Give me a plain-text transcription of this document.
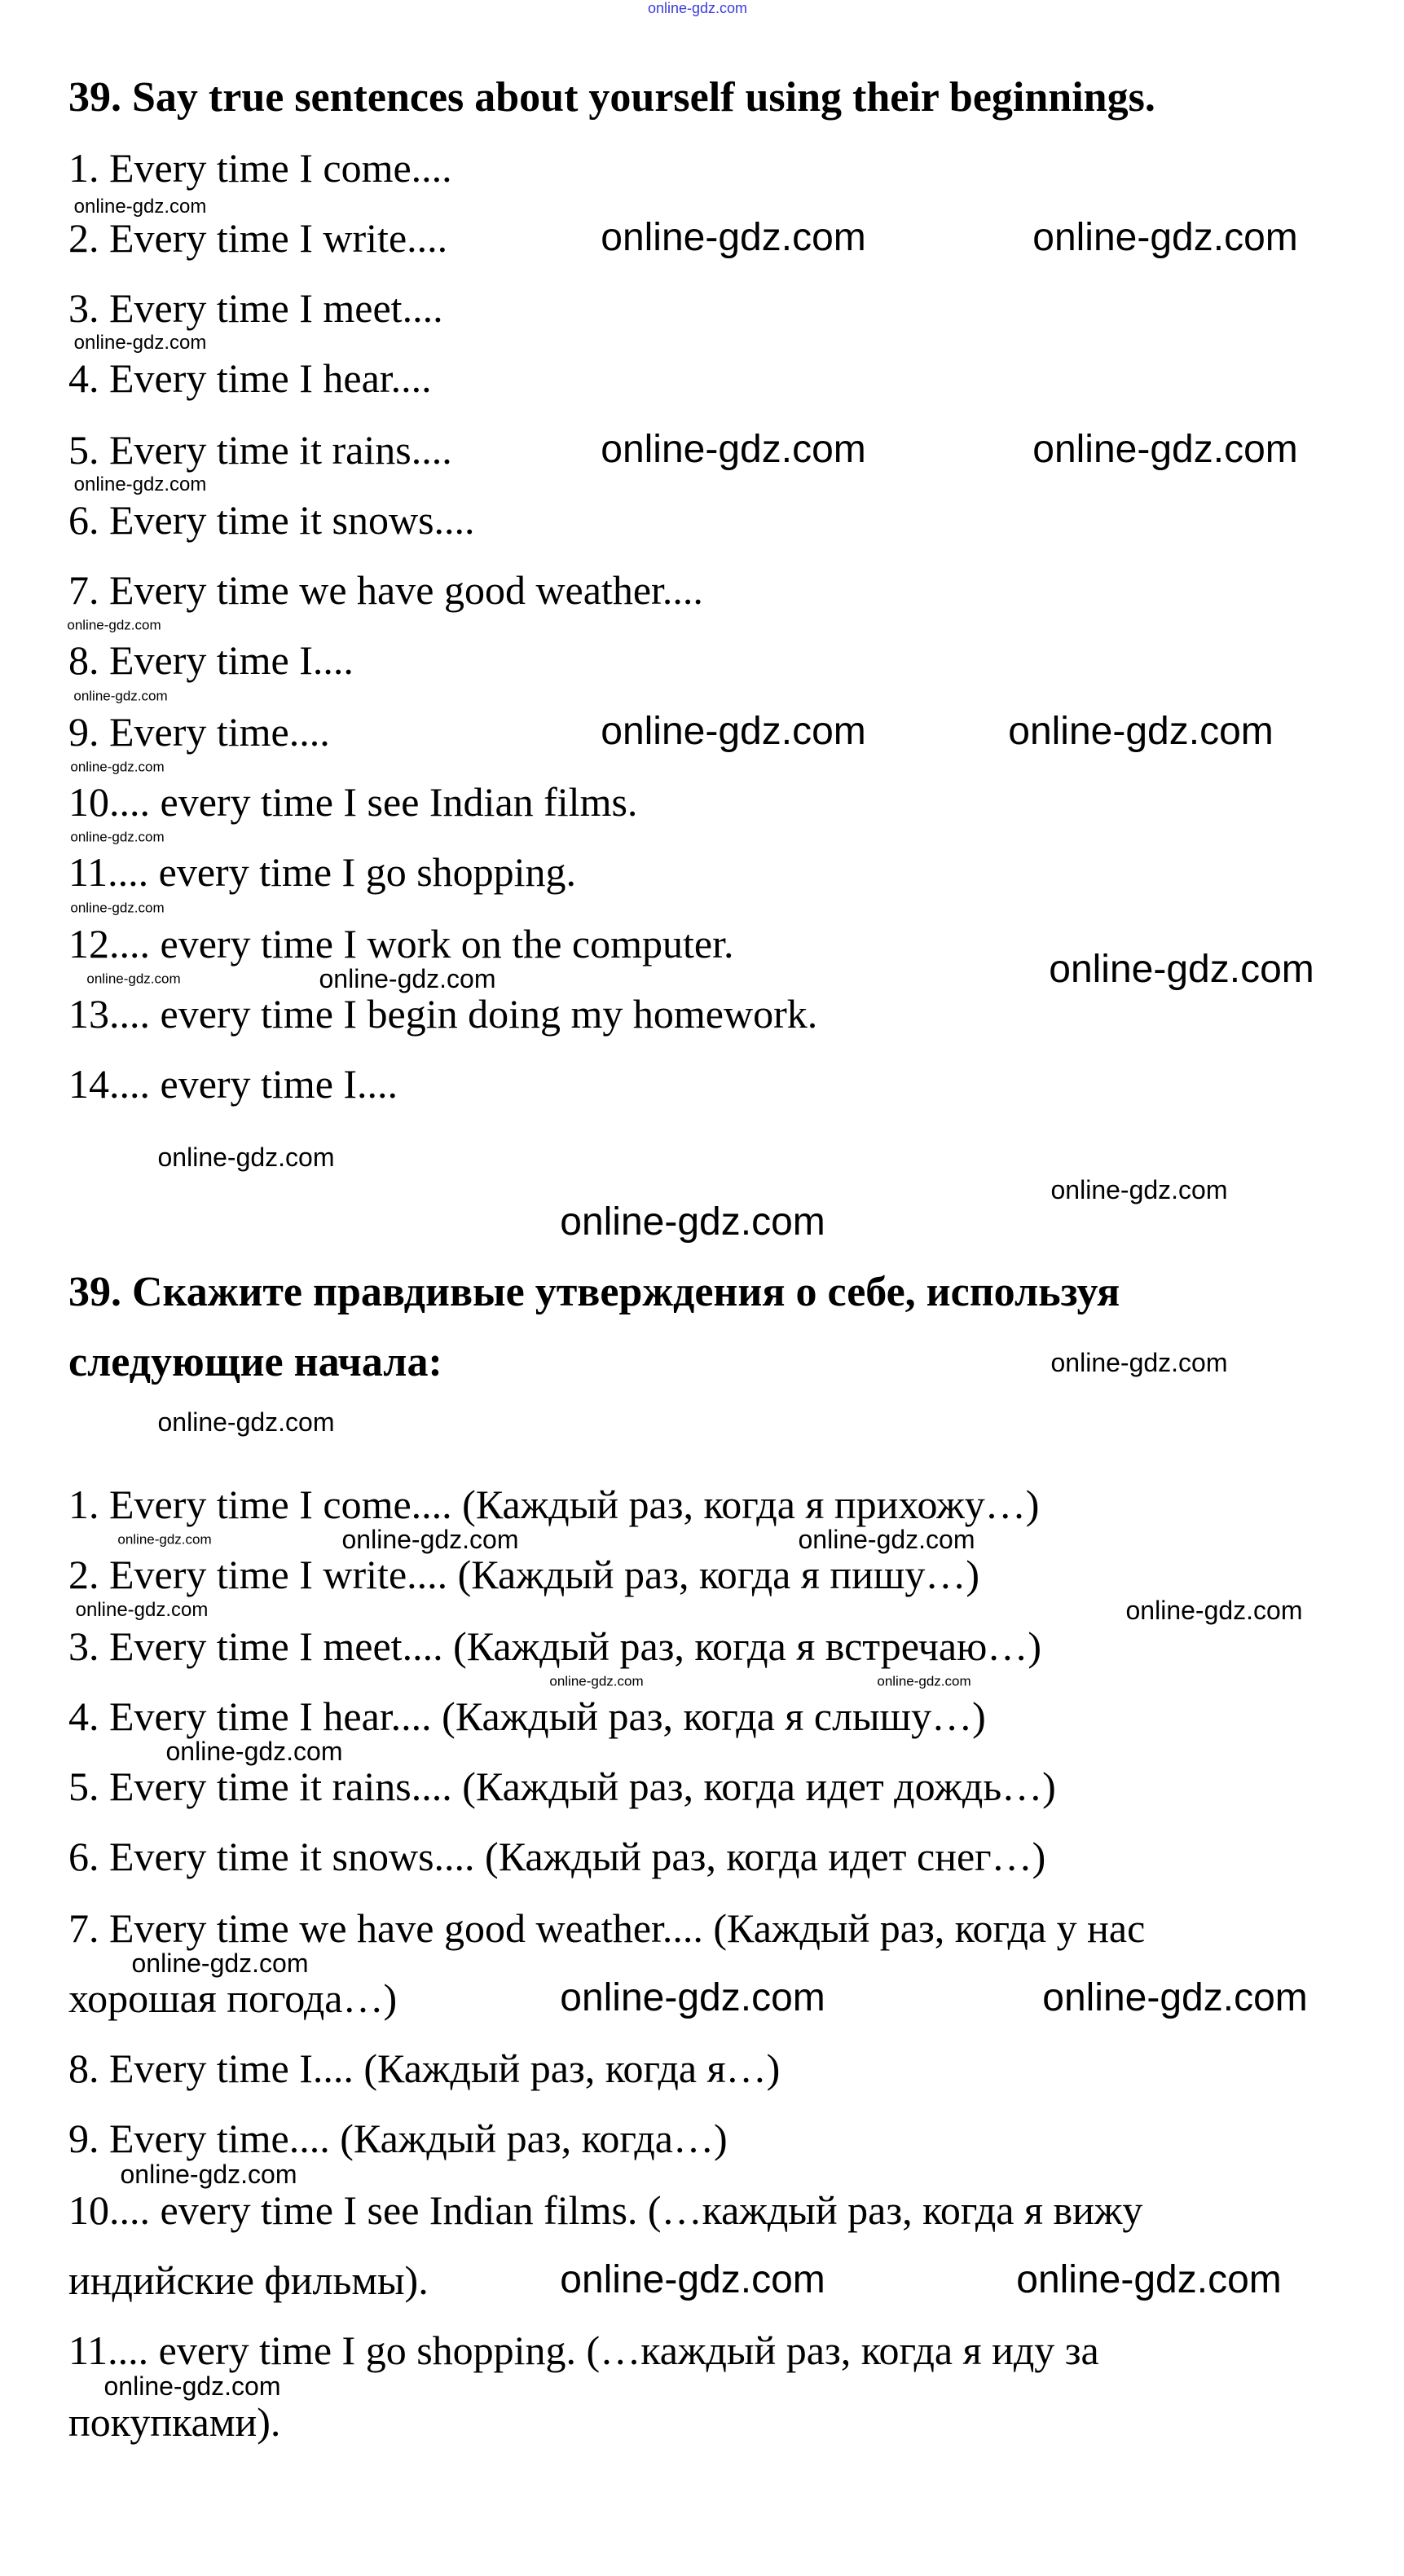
39. Say true sentences about yourself using their beginnings.
1. Every time I come....
2. Every time I write....
3. Every time I meet....
4. Every time I hear....
5. Every time it rains....
6. Every time it snows....
7. Every time we have good weather....
8. Every time I....
9. Every time....
10.... every time I see Indian films.
11.... every time I go shopping.
12.... every time I work on the computer.
13.... every time I begin doing my homework.
14.... every time I....
39. Скажите правдивые утверждения о себе, используя
следующие начала:
1. Every time I come.... (Каждый раз, когда я прихожу…)
2. Every time I write.... (Каждый раз, когда я пишу…)
3. Every time I meet.... (Каждый раз, когда я встречаю…)
4. Every time I hear.... (Каждый раз, когда я слышу…)
5. Every time it rains.... (Каждый раз, когда идет дождь…)
6. Every time it snows.... (Каждый раз, когда идет снег…)
7. Every time we have good weather.... (Каждый раз, когда у нас
хорошая погода…)
8. Every time I.... (Каждый раз, когда я…)
9. Every time.... (Каждый раз, когда…)
10.... every time I see Indian films. (…каждый раз, когда я вижу
индийские фильмы).
11.... every time I go shopping. (…каждый раз, когда я иду за
покупками).
online-gdz.com
online-gdz.com
online-gdz.com	online-gdz.com
online-gdz.com
online-gdz.com
online-gdz.com	online-gdz.com
online-gdz.com
online-gdz.com
online-gdz.com	online-gdz.com
online-gdz.com
online-gdz.com
online-gdz.com
online-gdz.com	online-gdz.com	online-gdz.com
online-gdz.com
online-gdz.com
online-gdz.com
online-gdz.com
online-gdz.com
online-gdz.com	online-gdz.com	online-gdz.com
online-gdz.com	online-gdz.com
online-gdz.com	online-gdz.com
online-gdz.com
online-gdz.com
online-gdz.com	online-gdz.com
online-gdz.com
online-gdz.com	online-gdz.com
online-gdz.com
